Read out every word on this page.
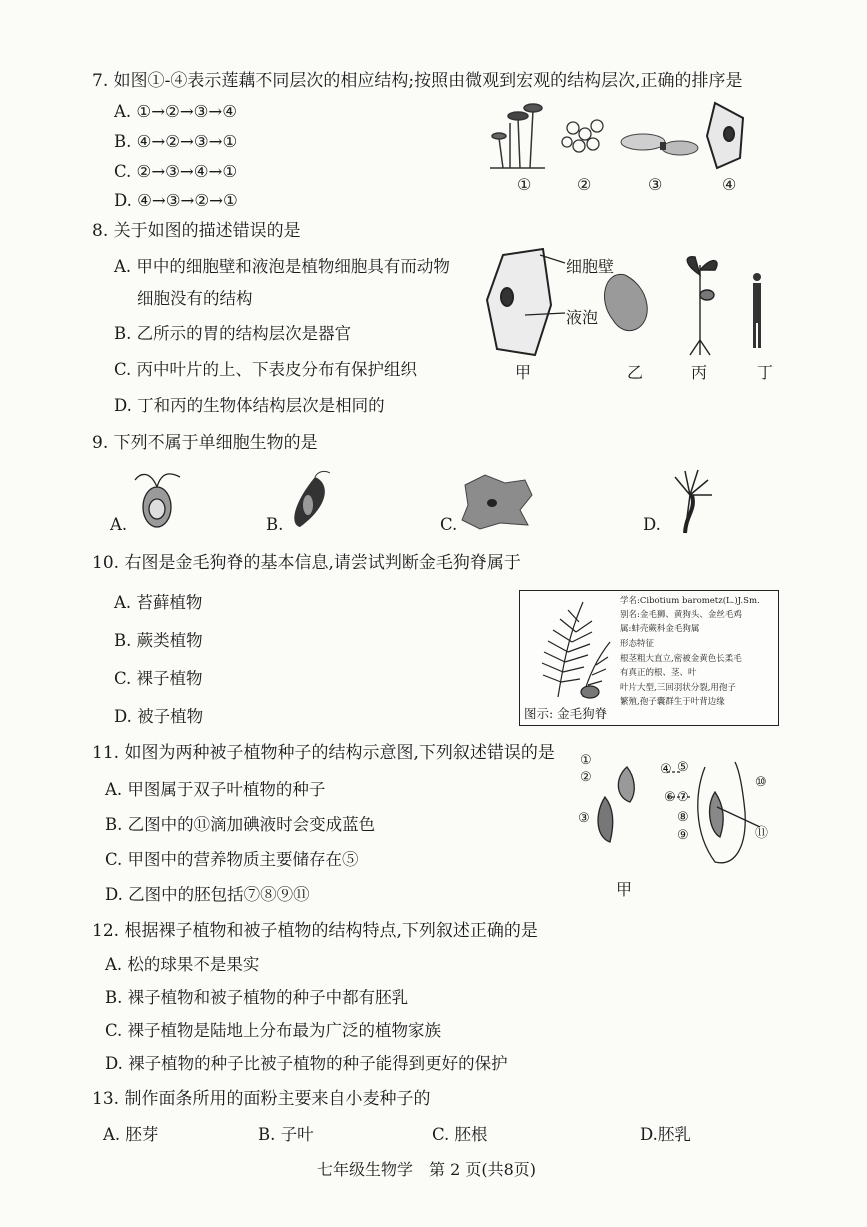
7. 如图①-④表示莲藕不同层次的相应结构;按照由微观到宏观的结构层次,正确的排序是
A. ①→②→③→④
B. ④→②→③→①
C. ②→③→④→①
D. ④→③→②→①
①	②	③	④
8. 关于如图的描述错误的是
A. 甲中的细胞壁和液泡是植物细胞具有而动物
细胞没有的结构
B. 乙所示的胃的结构层次是器官
C. 丙中叶片的上、下表皮分布有保护组织
D. 丁和丙的生物体结构层次是相同的
细胞壁
液泡
甲	乙	丙	丁
9. 下列不属于单细胞生物的是
A.	B.	C.	D.
10. 右图是金毛狗脊的基本信息,请尝试判断金毛狗脊属于
A. 苔藓植物
B. 蕨类植物
C. 裸子植物
D. 被子植物
学名:Cibotium barometz(L.)J.Sm.
别名:金毛狮、黄狗头、金丝毛鸡
属:蚌壳蕨科金毛狗属
形态特征
根茎粗大直立,密被金黄色长柔毛
有真正的根、茎、叶
叶片大型,三回羽状分裂,用孢子
繁殖,孢子囊群生于叶背边缘
图示: 金毛狗脊
11. 如图为两种被子植物种子的结构示意图,下列叙述错误的是
A. 甲图属于双子叶植物的种子
B. 乙图中的⑪滴加碘液时会变成蓝色
C. 甲图中的营养物质主要储存在⑤
D. 乙图中的胚包括⑦⑧⑨⑪
①
②
③
④ ⑤
⑥ ⑦
⑧
⑨
⑩
⑪
甲
12. 根据裸子植物和被子植物的结构特点,下列叙述正确的是
A. 松的球果不是果实
B. 裸子植物和被子植物的种子中都有胚乳
C. 裸子植物是陆地上分布最为广泛的植物家族
D. 裸子植物的种子比被子植物的种子能得到更好的保护
13. 制作面条所用的面粉主要来自小麦种子的
A. 胚芽	B. 子叶	C. 胚根	D.胚乳
七年级生物学　第 2 页(共8页)
